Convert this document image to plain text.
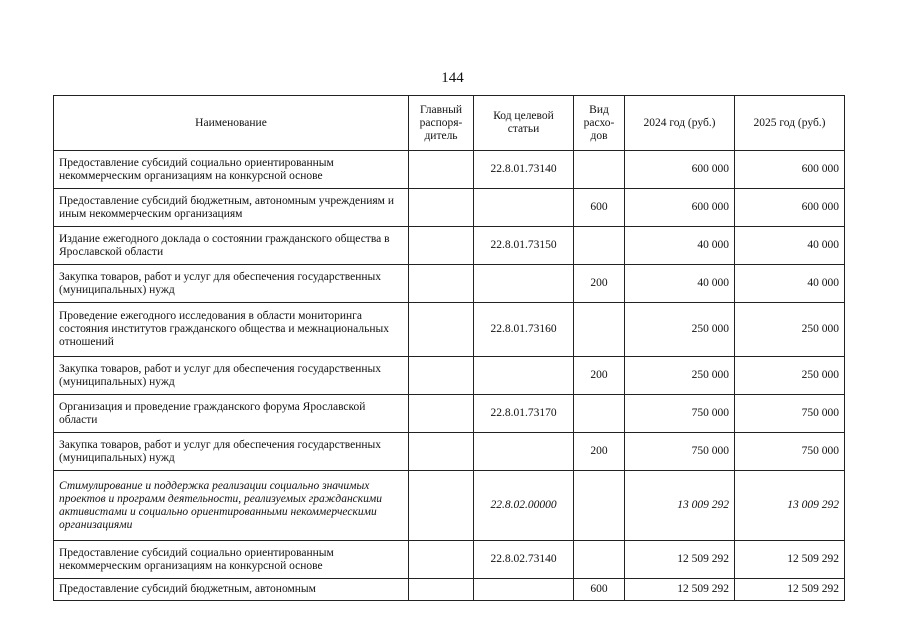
144
Наименование	Главный распоря-дитель	Код целевой статьи	Вид расхо-дов	2024 год (руб.)	2025 год (руб.)
Предоставление субсидий социально ориентированным некоммерческим организациям на конкурсной основе		22.8.01.73140		600 000	600 000
Предоставление субсидий бюджетным, автономным учреждениям и иным некоммерческим организациям			600	600 000	600 000
Издание ежегодного доклада о состоянии гражданского общества в Ярославской области		22.8.01.73150		40 000	40 000
Закупка товаров, работ и услуг для обеспечения государственных (муниципальных) нужд			200	40 000	40 000
Проведение ежегодного исследования в области мониторинга состояния институтов гражданского общества и межнациональных отношений		22.8.01.73160		250 000	250 000
Закупка товаров, работ и услуг для обеспечения государственных (муниципальных) нужд			200	250 000	250 000
Организация и проведение гражданского форума Ярославской области		22.8.01.73170		750 000	750 000
Закупка товаров, работ и услуг для обеспечения государственных (муниципальных) нужд			200	750 000	750 000
Стимулирование и поддержка реализации социально значимых проектов и программ деятельности, реализуемых гражданскими активистами и социально ориентированными некоммерческими организациями		22.8.02.00000		13 009 292	13 009 292
Предоставление субсидий социально ориентированным некоммерческим организациям на конкурсной основе		22.8.02.73140		12 509 292	12 509 292
Предоставление субсидий бюджетным, автономным			600	12 509 292	12 509 292
